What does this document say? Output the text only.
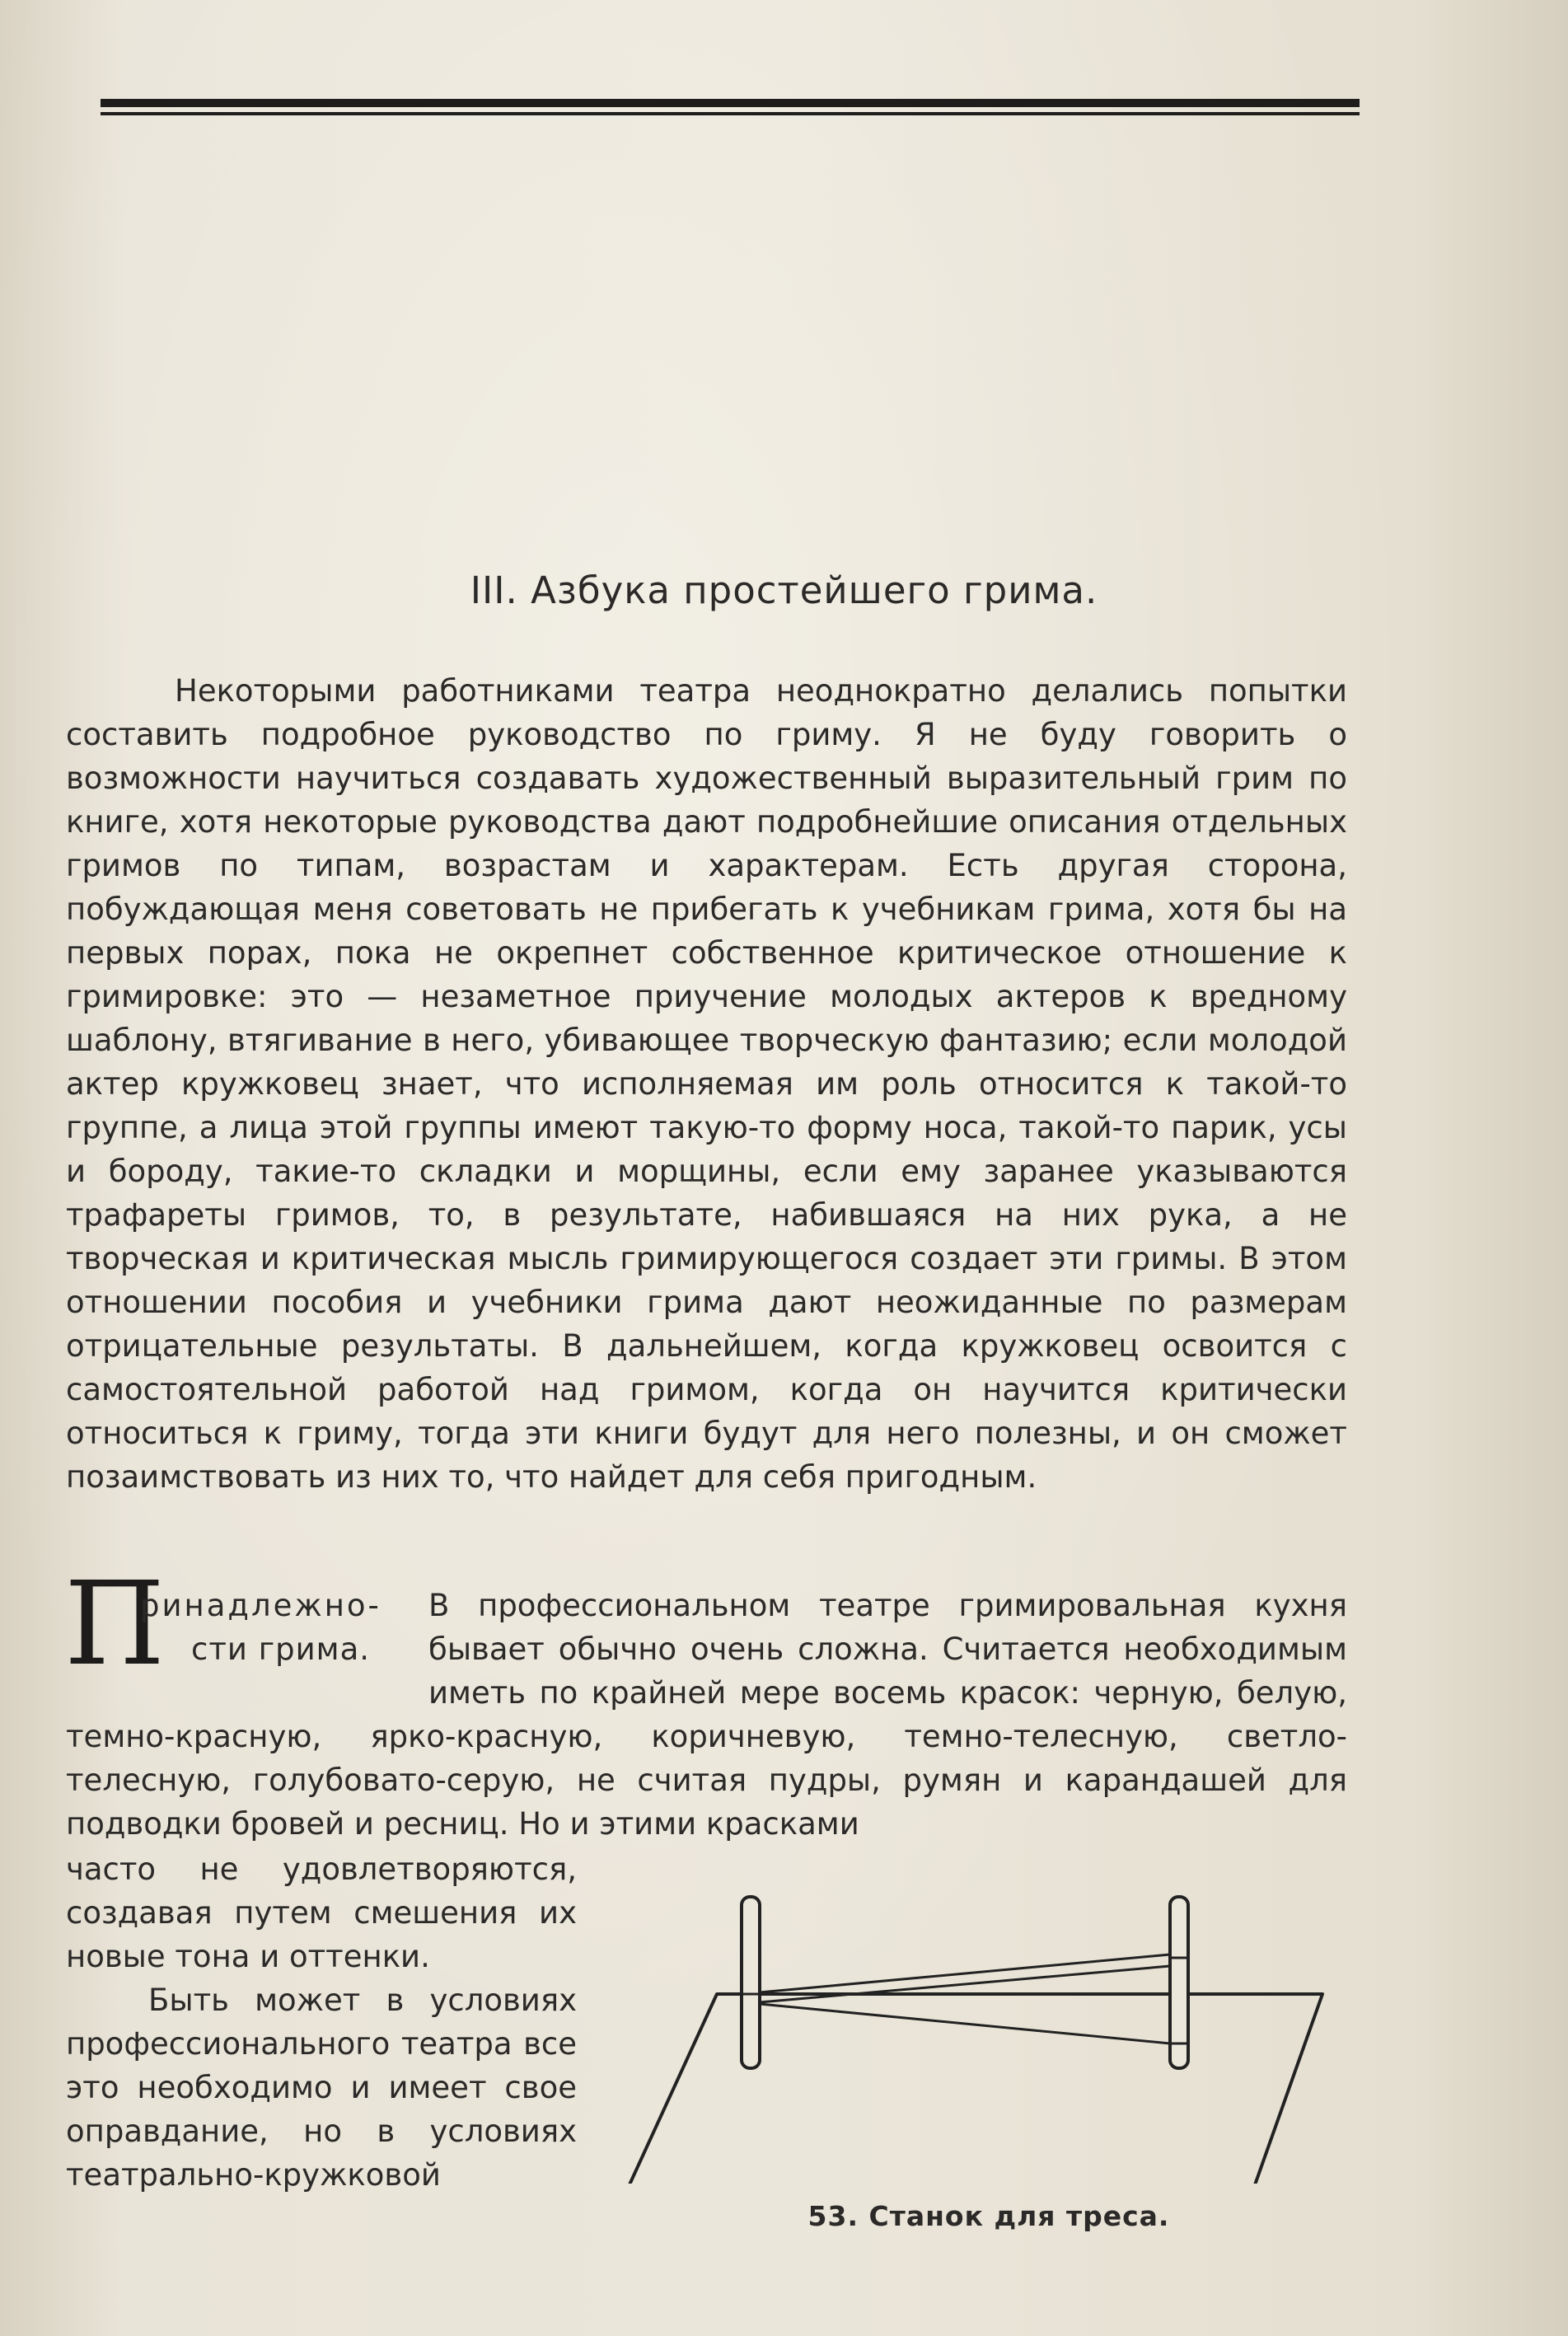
III. Азбука простейшего грима.

Некоторыми работниками театра неоднократно делались попытки составить подробное руководство по гриму. Я не буду говорить о возможности научиться создавать художественный выразительный грим по книге, хотя некоторые руководства дают подробнейшие описания отдельных гримов по типам, возрастам и характерам. Есть другая сторона, побуждающая меня советовать не прибегать к учебникам грима, хотя бы на первых порах, пока не окрепнет собственное критическое отношение к гримировке: это — незаметное приучение молодых актеров к вредному шаблону, втягивание в него, убивающее творческую фантазию; если молодой актер кружковец знает, что исполняемая им роль относится к такой-то группе, а лица этой группы имеют такую-то форму носа, такой-то парик, усы и бороду, такие-то складки и морщины, если ему заранее указываются трафареты гримов, то, в результате, набившаяся на них рука, а не творческая и критическая мысль гримирующегося создает эти гримы. В этом отношении пособия и учебники грима дают неожиданные по размерам отрицательные результаты. В дальнейшем, когда кружковец освоится с самостоятельной работой над гримом, когда он научится критически относиться к гриму, тогда эти книги будут для него полезны, и он сможет позаимствовать из них то, что найдет для себя пригодным.

П
ринадлежно-
сти грима.

В профессиональном театре гримировальная кухня бывает обычно очень сложна. Считается необходимым иметь по крайней мере восемь красок: черную, белую, темно-красную, ярко-красную, коричневую, темно-телесную, светло-телесную, голубовато-серую, не считая пудры, румян и карандашей для подводки бровей и ресниц. Но и этими красками

часто не удовлетворяются, создавая путем смешения их новые тона и оттенки.

Быть может в условиях профессионального театра все это необходимо и имеет свое оправдание, но в условиях театрально-кружковой

53. Станок для треса.
